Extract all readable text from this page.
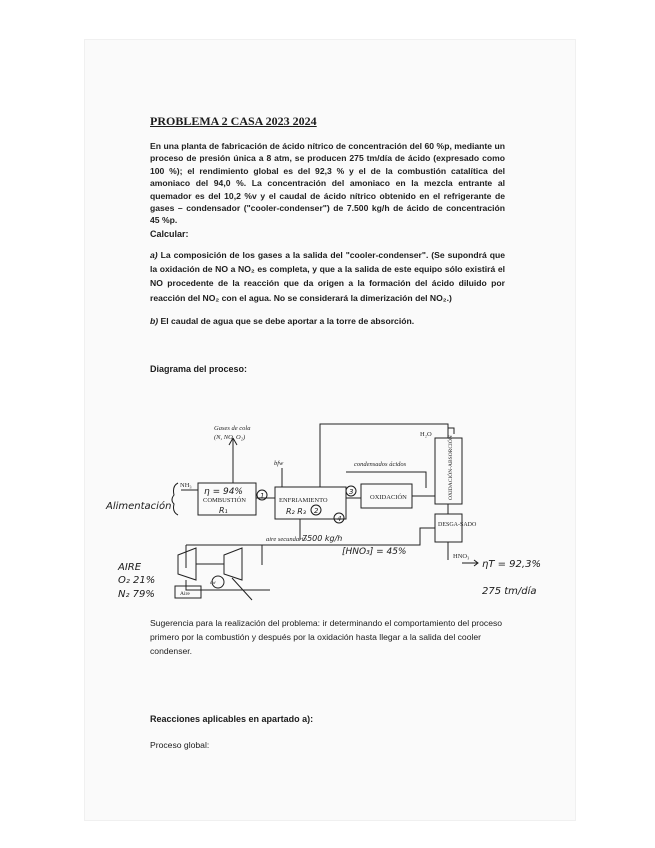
PROBLEMA 2 CASA 2023 2024
En una planta de fabricación de ácido nítrico de concentración del 60 %p, mediante un proceso de presión única a 8 atm, se producen 275 tm/día de ácido (expresado como 100 %); el rendimiento global es del 92,3 % y el de la combustión catalítica del amoniaco del 94,0 %. La concentración del amoniaco en la mezcla entrante al quemador es del 10,2 %v y el caudal de ácido nítrico obtenido en el refrigerante de gases – condensador ("cooler-condenser") de 7.500 kg/h de ácido de concentración 45 %p.
Calcular:
a) La composición de los gases a la salida del "cooler-condenser". (Se supondrá que la oxidación de NO a NO₂ es completa, y que a la salida de este equipo sólo existirá el NO procedente de la reacción que da origen a la formación del ácido diluido por reacción del NO₂ con el agua. No se considerará la dimerización del NO₂.)
b) El caudal de agua que se debe aportar a la torre de absorción.
Diagrama del proceso:
Gases de cola
(N, NO, O₂)
NH₃
COMBUSTIÓN	ENFRIAMIENTO	OXIDACIÓN
condensados ácidos
H₂O
OXIDACIÓN-ABSORCIÓN
DESGA-SADO
aire secundario
HNO₃
Aire
bfw
cw
Alimentación
η = 94%
R₁	R₂ R₃
1
2
3
4
7500 kg/h
[HNO₃] = 45%
AIRE
O₂ 21%
N₂ 79%
ηT = 92,3%
275 tm/día
Sugerencia para la realización del problema: ir determinando el comportamiento del proceso primero por la combustión y después por la oxidación hasta llegar a la salida del cooler condenser.
Reacciones aplicables en apartado a):
Proceso global:
